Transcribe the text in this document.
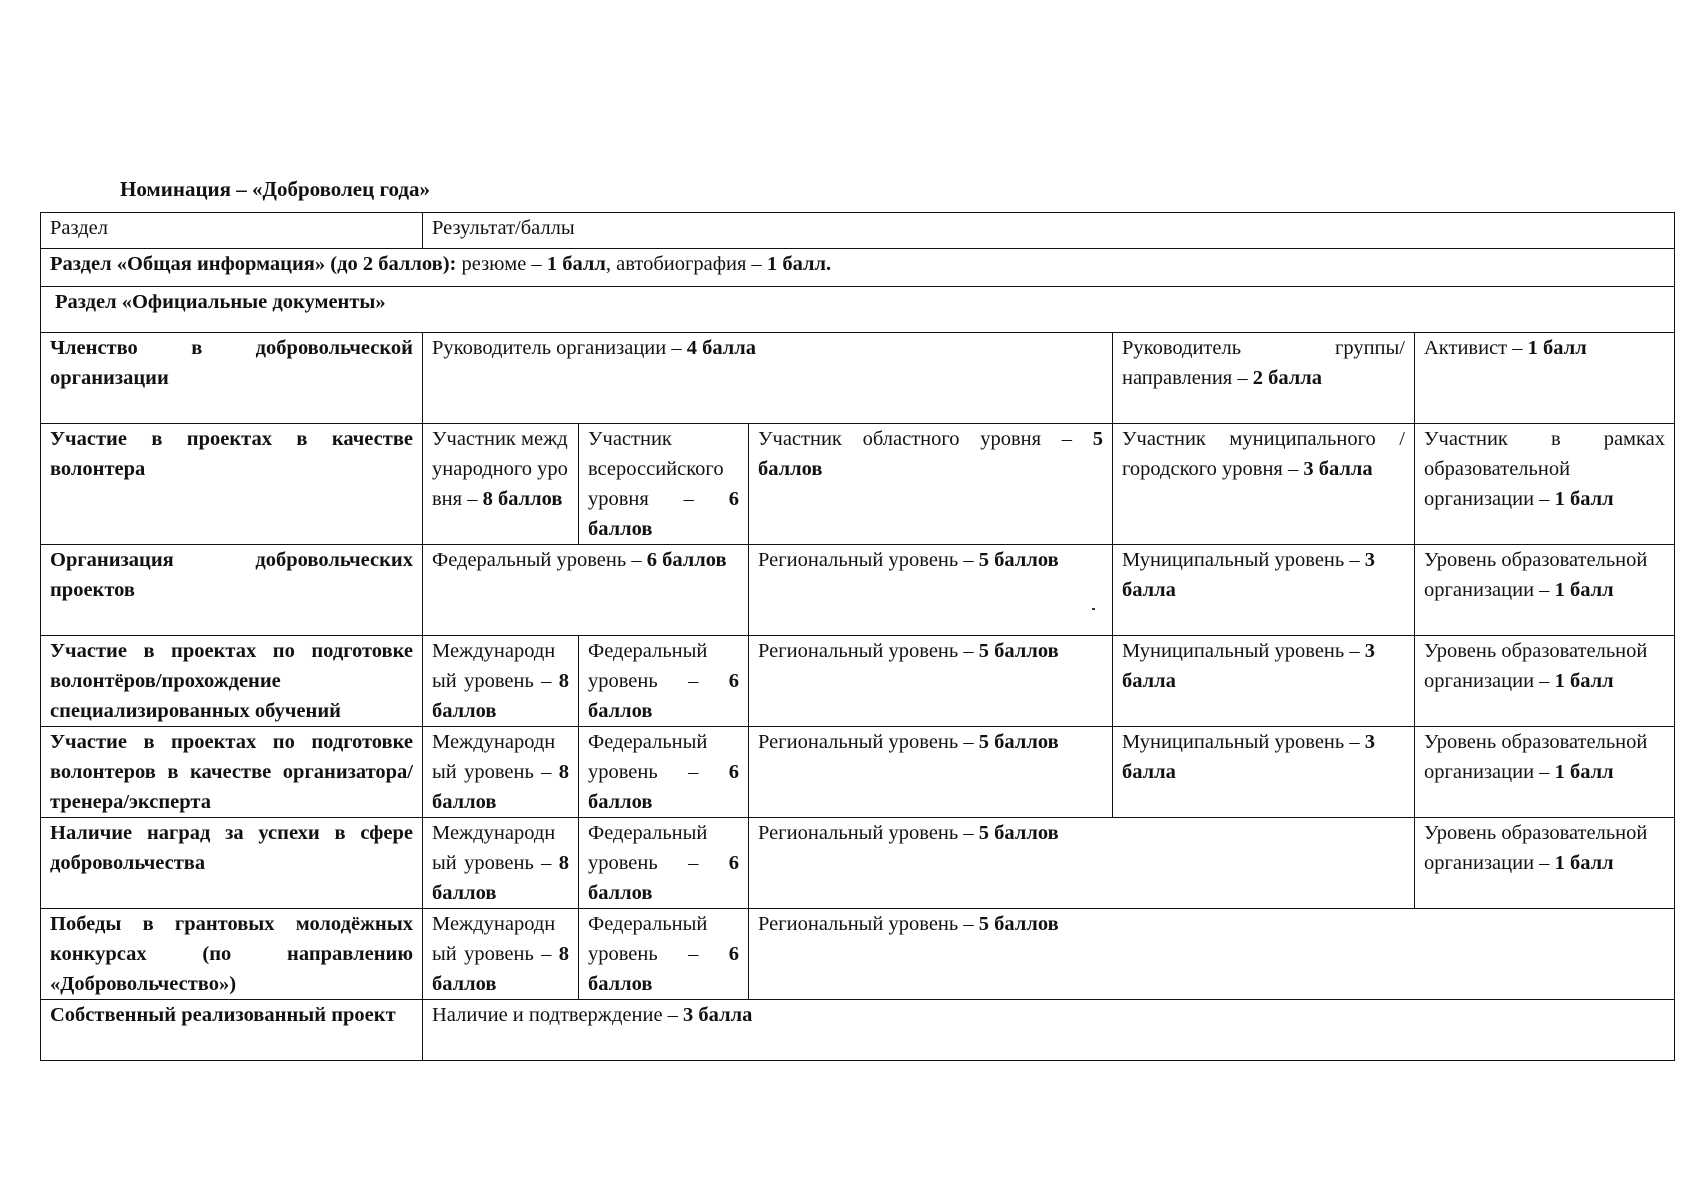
Номинация – «Доброволец года»
Раздел	Результат/баллы				
Раздел «Общая информация» (до 2 баллов): резюме – 1 балл, автобиография – 1 балл.					
Раздел «Официальные документы»					
Членство в добровольческой организации	Руководитель организации – 4 балла			Руководитель группы/направления – 2 балла	Активист – 1 балл
Участие в проектах в качестве волонтера	Участник международного уровня – 8 баллов	Участник всероссийского уровня – 6 баллов	Участник областного уровня – 5 баллов	Участник муниципального /городского уровня – 3 балла	Участник в рамках образовательной организации – 1 балл
Организация добровольческих проектов	Федеральный уровень – 6 баллов		Региональный уровень – 5 баллов	Муниципальный уровень – 3 балла	Уровень образовательной организации – 1 балл
Участие в проектах по подготовке волонтёров/прохождение специализированных обучений	Международный уровень – 8 баллов	Федеральный уровень – 6 баллов	Региональный уровень – 5 баллов	Муниципальный уровень – 3 балла	Уровень образовательной организации – 1 балл
Участие в проектах по подготовке волонтеров в качестве организатора/тренера/эксперта	Международный уровень – 8 баллов	Федеральный уровень – 6 баллов	Региональный уровень – 5 баллов	Муниципальный уровень – 3 балла	Уровень образовательной организации – 1 балл
Наличие наград за успехи в сфере добровольчества	Международный уровень – 8 баллов	Федеральный уровень – 6 баллов	Региональный уровень – 5 баллов		Уровень образовательной организации – 1 балл
Победы в грантовых молодёжных конкурсах (по направлению «Добровольчество»)	Международный уровень – 8 баллов	Федеральный уровень – 6 баллов	Региональный уровень – 5 баллов		
Собственный реализованный проект	Наличие и подтверждение – 3 балла				
